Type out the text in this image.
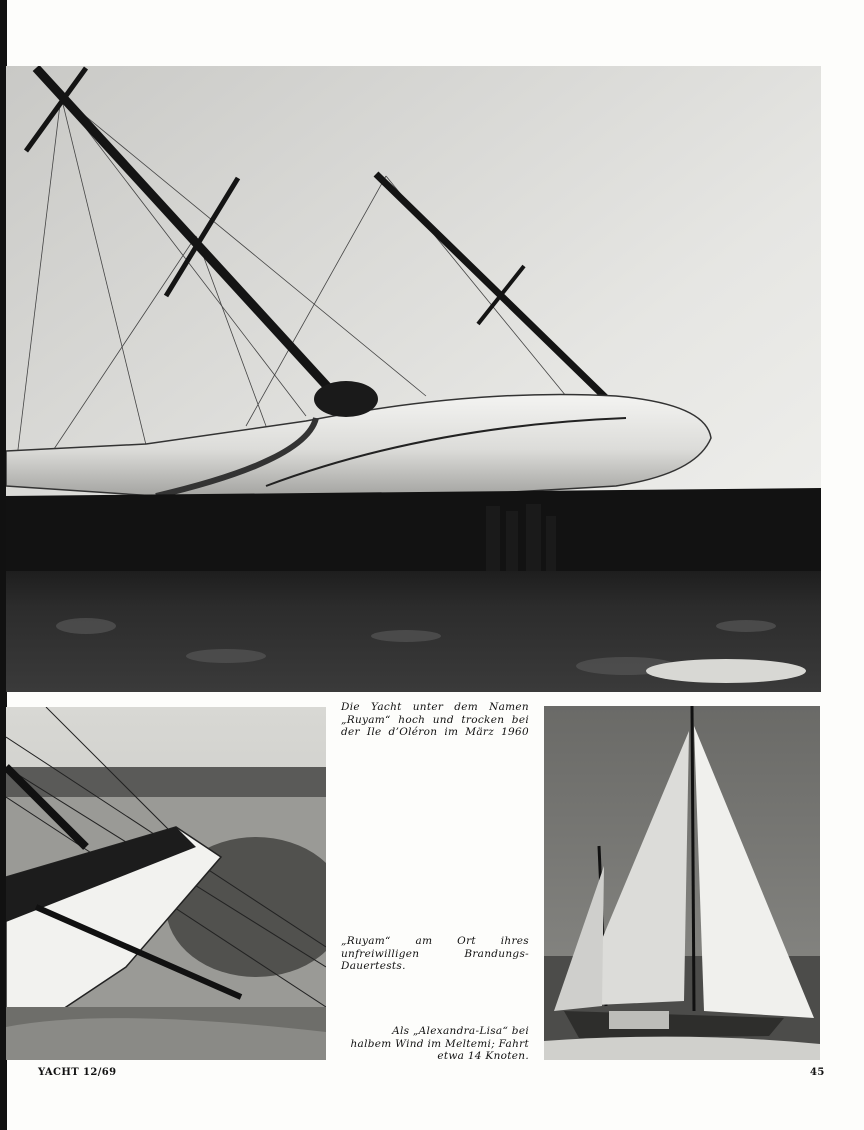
Die Yacht unter dem Namen „Ruyam“ hoch und trocken bei der Ile d’Oléron im März 1960
„Ruyam“ am Ort ihres unfreiwilligen Brandungs-Dauertests.
Als „Alexandra-Lisa“ bei halbem Wind im Meltemi; Fahrt etwa 14 Knoten.
YACHT 12/69	45
